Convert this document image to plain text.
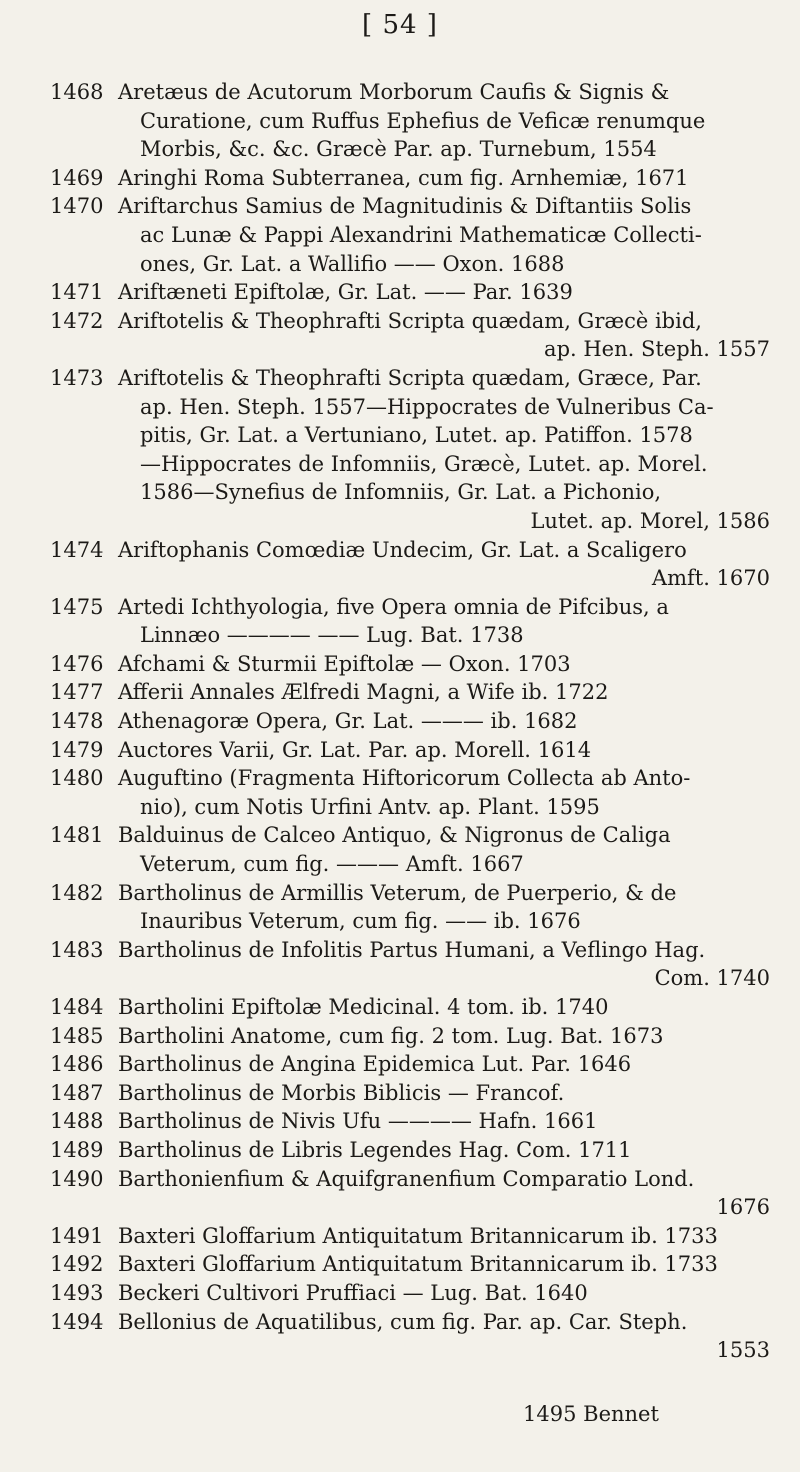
[ 54 ]
1468 Aretæus de Acutorum Morborum Caufis & Signis &
Curatione, cum Ruffus Ephefius de Veficæ renumque
Morbis, &c. &c. Græcè Par. ap. Turnebum, 1554
1469 Aringhi Roma Subterranea, cum fig. Arnhemiæ, 1671
1470 Ariftarchus Samius de Magnitudinis & Diftantiis Solis
ac Lunæ & Pappi Alexandrini Mathematicæ Collecti-
ones, Gr. Lat. a Wallifio —— Oxon. 1688
1471 Ariftæneti Epiftolæ, Gr. Lat. —— Par. 1639
1472 Ariftotelis & Theophrafti Scripta quædam, Græcè ibid,
ap. Hen. Steph. 1557
1473 Ariftotelis & Theophrafti Scripta quædam, Græce, Par.
ap. Hen. Steph. 1557—Hippocrates de Vulneribus Ca-
pitis, Gr. Lat. a Vertuniano, Lutet. ap. Patiffon. 1578
—Hippocrates de Infomniis, Græcè, Lutet. ap. Morel.
1586—Synefius de Infomniis, Gr. Lat. a Pichonio,
Lutet. ap. Morel, 1586
1474 Ariftophanis Comœdiæ Undecim, Gr. Lat. a Scaligero
Amft. 1670
1475 Artedi Ichthyologia, five Opera omnia de Pifcibus, a
Linnæo ———— —— Lug. Bat. 1738
1476 Afchami & Sturmii Epiftolæ — Oxon. 1703
1477 Afferii Annales Ælfredi Magni, a Wife ib. 1722
1478 Athenagoræ Opera, Gr. Lat. ——— ib. 1682
1479 Auctores Varii, Gr. Lat. Par. ap. Morell. 1614
1480 Auguftino (Fragmenta Hiftoricorum Collecta ab Anto-
nio), cum Notis Urfini Antv. ap. Plant. 1595
1481 Balduinus de Calceo Antiquo, & Nigronus de Caliga
Veterum, cum fig. ——— Amft. 1667
1482 Bartholinus de Armillis Veterum, de Puerperio, & de
Inauribus Veterum, cum fig. —— ib. 1676
1483 Bartholinus de Infolitis Partus Humani, a Veflingo Hag.
Com. 1740
1484 Bartholini Epiftolæ Medicinal. 4 tom. ib. 1740
1485 Bartholini Anatome, cum fig. 2 tom. Lug. Bat. 1673
1486 Bartholinus de Angina Epidemica Lut. Par. 1646
1487 Bartholinus de Morbis Biblicis — Francof.
1488 Bartholinus de Nivis Ufu ———— Hafn. 1661
1489 Bartholinus de Libris Legendes Hag. Com. 1711
1490 Barthonienfium & Aquifgranenfium Comparatio Lond.
1676
1491 Baxteri Gloffarium Antiquitatum Britannicarum ib. 1733
1492 Baxteri Gloffarium Antiquitatum Britannicarum ib. 1733
1493 Beckeri Cultivori Pruffiaci — Lug. Bat. 1640
1494 Bellonius de Aquatilibus, cum fig. Par. ap. Car. Steph.
1553
1495 Bennet
